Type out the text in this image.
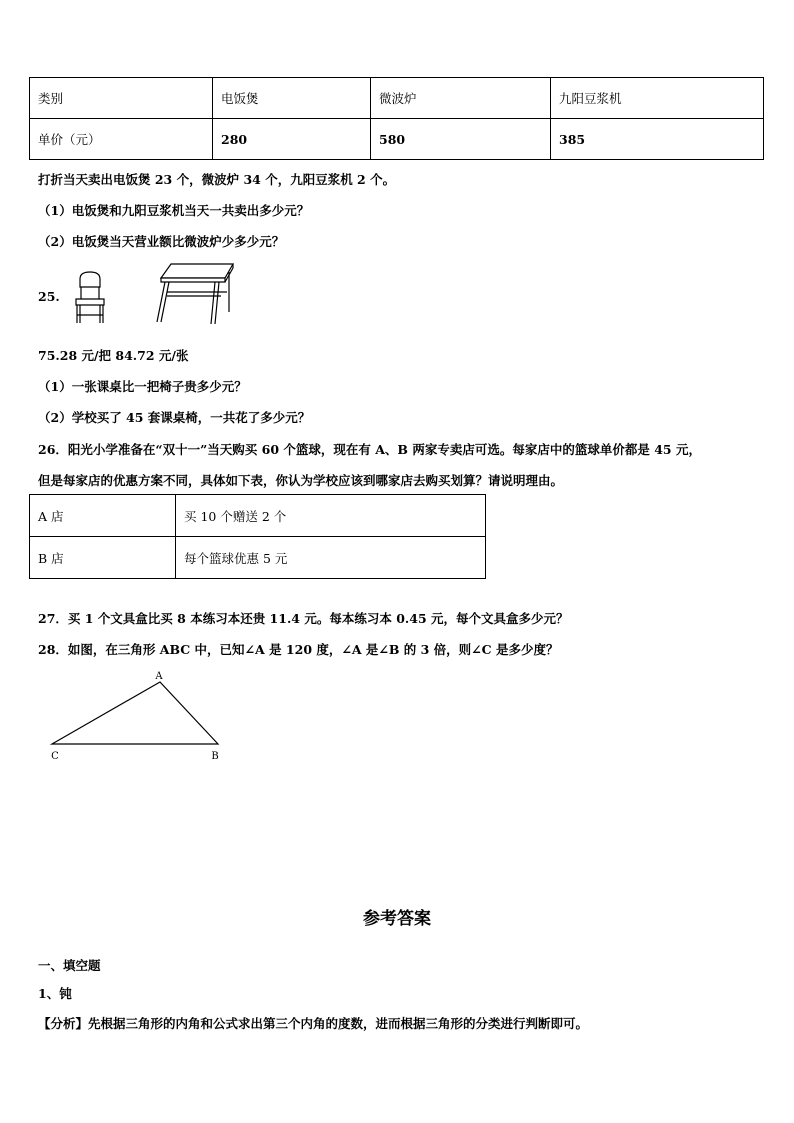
类别	电饭煲	微波炉	九阳豆浆机
单价（元）	280	580	385
打折当天卖出电饭煲 23 个，微波炉 34 个，九阳豆浆机 2 个。
（1）电饭煲和九阳豆浆机当天一共卖出多少元？
（2）电饭煲当天营业额比微波炉少多少元？
25.
75.28 元/把 84.72 元/张
（1）一张课桌比一把椅子贵多少元？
（2）学校买了 45 套课桌椅，一共花了多少元？
26．阳光小学准备在“双十一”当天购买 60 个篮球，现在有 A、B 两家专卖店可选。每家店中的篮球单价都是 45 元，
但是每家店的优惠方案不同，具体如下表，你认为学校应该到哪家店去购买划算？请说明理由。
A 店	买 10 个赠送 2 个
B 店	每个篮球优惠 5 元
27．买 1 个文具盒比买 8 本练习本还贵 11.4 元。每本练习本 0.45 元，每个文具盒多少元？
28．如图，在三角形 ABC 中，已知∠A 是 120 度，∠A 是∠B 的 3 倍，则∠C 是多少度？
A
B
C
参考答案
一、填空题
1、钝
【分析】先根据三角形的内角和公式求出第三个内角的度数，进而根据三角形的分类进行判断即可。
